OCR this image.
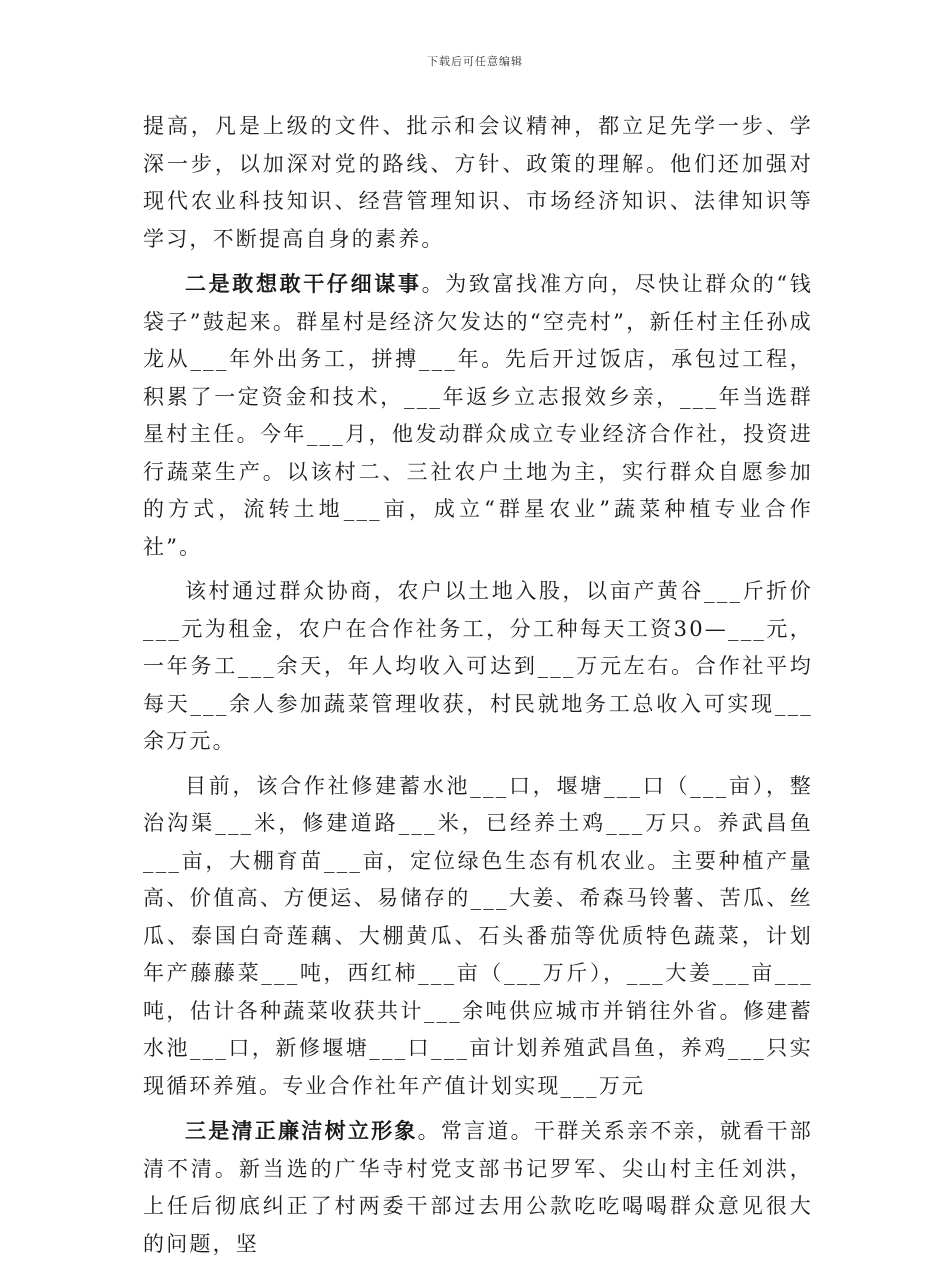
下载后可任意编辑

提高，凡是上级的文件、批示和会议精神，都立足先学一步、学深一步，以加深对党的路线、方针、政策的理解。他们还加强对现代农业科技知识、经营管理知识、市场经济知识、法律知识等学习，不断提高自身的素养。

二是敢想敢干仔细谋事。为致富找准方向，尽快让群众的“钱袋子”鼓起来。群星村是经济欠发达的“空壳村”，新任村主任孙成龙从___年外出务工，拼搏___年。先后开过饭店，承包过工程，积累了一定资金和技术，___年返乡立志报效乡亲，___年当选群星村主任。今年___月，他发动群众成立专业经济合作社，投资进行蔬菜生产。以该村二、三社农户土地为主，实行群众自愿参加的方式，流转土地___亩，成立“群星农业”蔬菜种植专业合作社”。

该村通过群众协商，农户以土地入股，以亩产黄谷___斤折价___元为租金，农户在合作社务工，分工种每天工资30—___元，一年务工___余天，年人均收入可达到___万元左右。合作社平均每天___余人参加蔬菜管理收获，村民就地务工总收入可实现___余万元。

目前，该合作社修建蓄水池___口，堰塘___口（___亩），整治沟渠___米，修建道路___米，已经养土鸡___万只。养武昌鱼___亩，大棚育苗___亩，定位绿色生态有机农业。主要种植产量高、价值高、方便运、易储存的___大姜、希森马铃薯、苦瓜、丝瓜、泰国白奇莲藕、大棚黄瓜、石头番茄等优质特色蔬菜，计划年产藤藤菜___吨，西红柿___亩（___万斤），___大姜___亩___吨，估计各种蔬菜收获共计___余吨供应城市并销往外省。修建蓄水池___口，新修堰塘___口___亩计划养殖武昌鱼，养鸡___只实现循环养殖。专业合作社年产值计划实现___万元

三是清正廉洁树立形象。常言道。干群关系亲不亲，就看干部清不清。新当选的广华寺村党支部书记罗军、尖山村主任刘洪，上任后彻底纠正了村两委干部过去用公款吃吃喝喝群众意见很大的问题，坚
